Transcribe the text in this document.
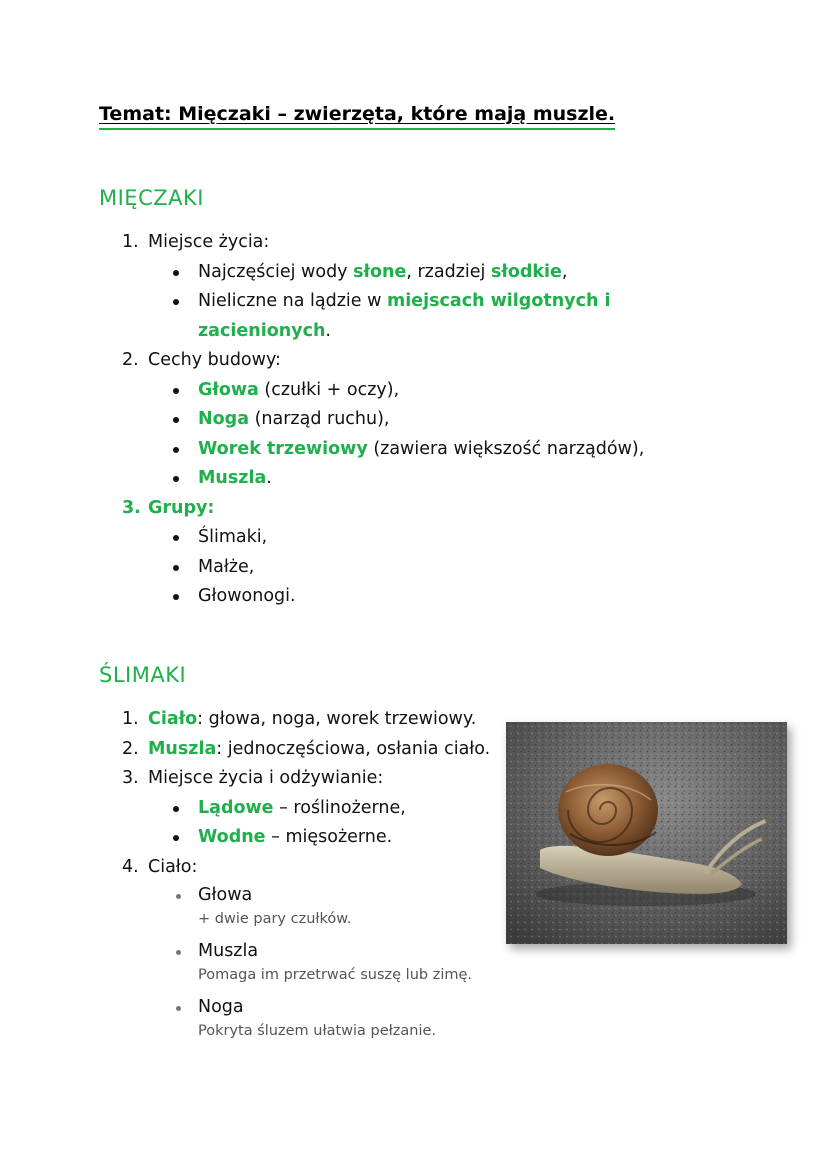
Temat: Mięczaki – zwierzęta, które mają muszle.
MIĘCZAKI
1. Miejsce życia:
Najczęściej wody słone, rzadziej słodkie,
Nieliczne na lądzie w miejscach wilgotnych i zacienionych.
2. Cechy budowy:
Głowa (czułki + oczy),
Noga (narząd ruchu),
Worek trzewiowy (zawiera większość narządów),
Muszla.
3. Grupy:
Ślimaki,
Małże,
Głowonogi.
ŚLIMAKI
1. Ciało: głowa, noga, worek trzewiowy.
2. Muszla: jednoczęściowa, osłania ciało.
3. Miejsce życia i odżywianie:
Lądowe – roślinożerne,
Wodne – mięsożerne.
4. Ciało:
Głowa
+ dwie pary czułków.
Muszla
Pomaga im przetrwać suszę lub zimę.
Noga
Pokryta śluzem ułatwia pełzanie.
